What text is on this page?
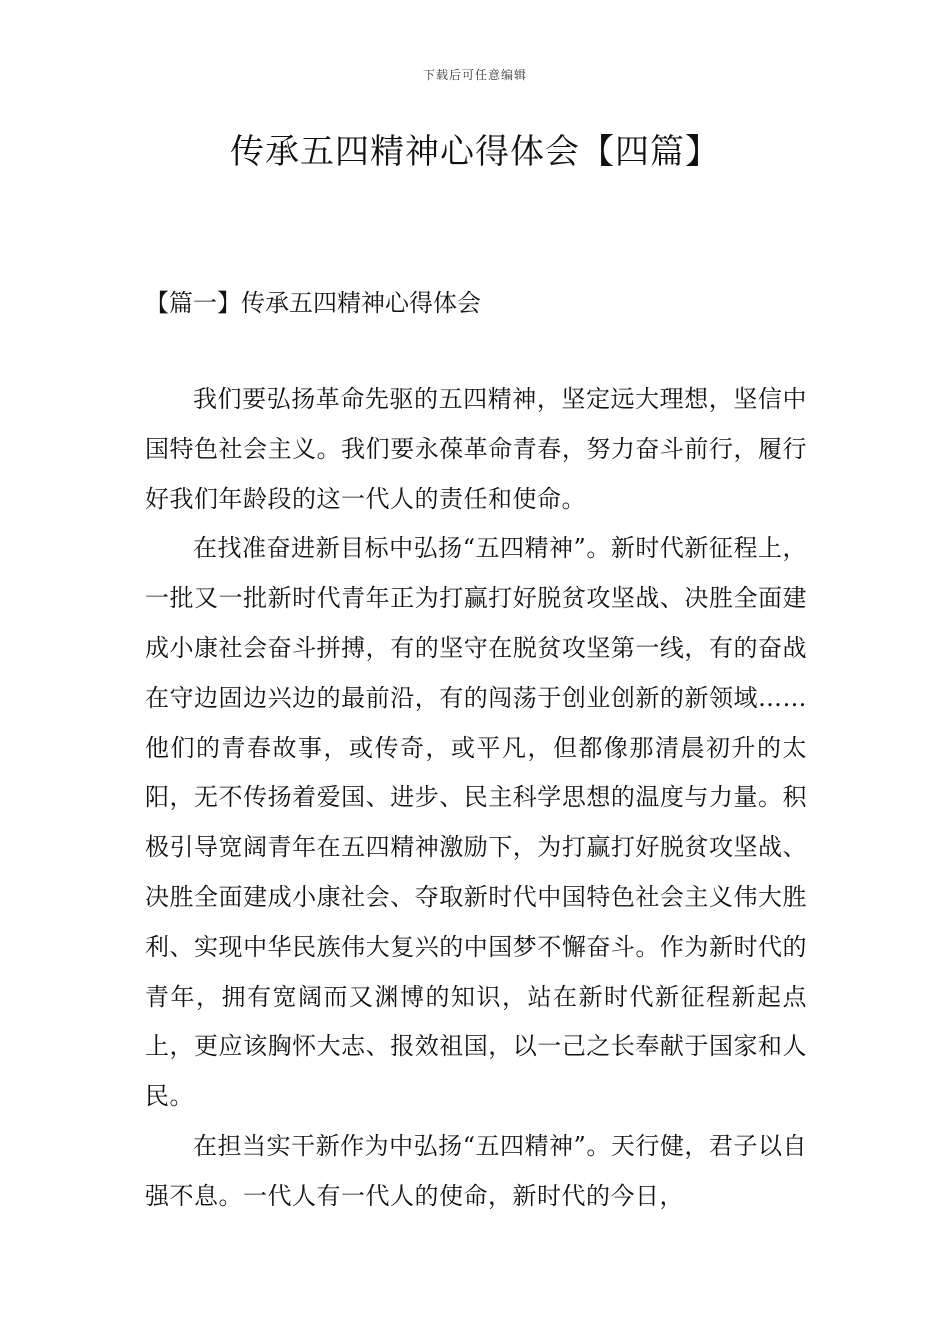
下载后可任意编辑
传承五四精神心得体会【四篇】
【篇一】传承五四精神心得体会

我们要弘扬革命先驱的五四精神，坚定远大理想，坚信中国特色社会主义。我们要永葆革命青春，努力奋斗前行，履行好我们年龄段的这一代人的责任和使命。

在找准奋进新目标中弘扬“五四精神”。新时代新征程上，一批又一批新时代青年正为打赢打好脱贫攻坚战、决胜全面建成小康社会奋斗拼搏，有的坚守在脱贫攻坚第一线，有的奋战在守边固边兴边的最前沿，有的闯荡于创业创新的新领域……他们的青春故事，或传奇，或平凡，但都像那清晨初升的太阳，无不传扬着爱国、进步、民主科学思想的温度与力量。积极引导宽阔青年在五四精神激励下，为打赢打好脱贫攻坚战、决胜全面建成小康社会、夺取新时代中国特色社会主义伟大胜利、实现中华民族伟大复兴的中国梦不懈奋斗。作为新时代的青年，拥有宽阔而又渊博的知识，站在新时代新征程新起点上，更应该胸怀大志、报效祖国，以一己之长奉献于国家和人民。

在担当实干新作为中弘扬“五四精神”。天行健，君子以自强不息。一代人有一代人的使命，新时代的今日，
